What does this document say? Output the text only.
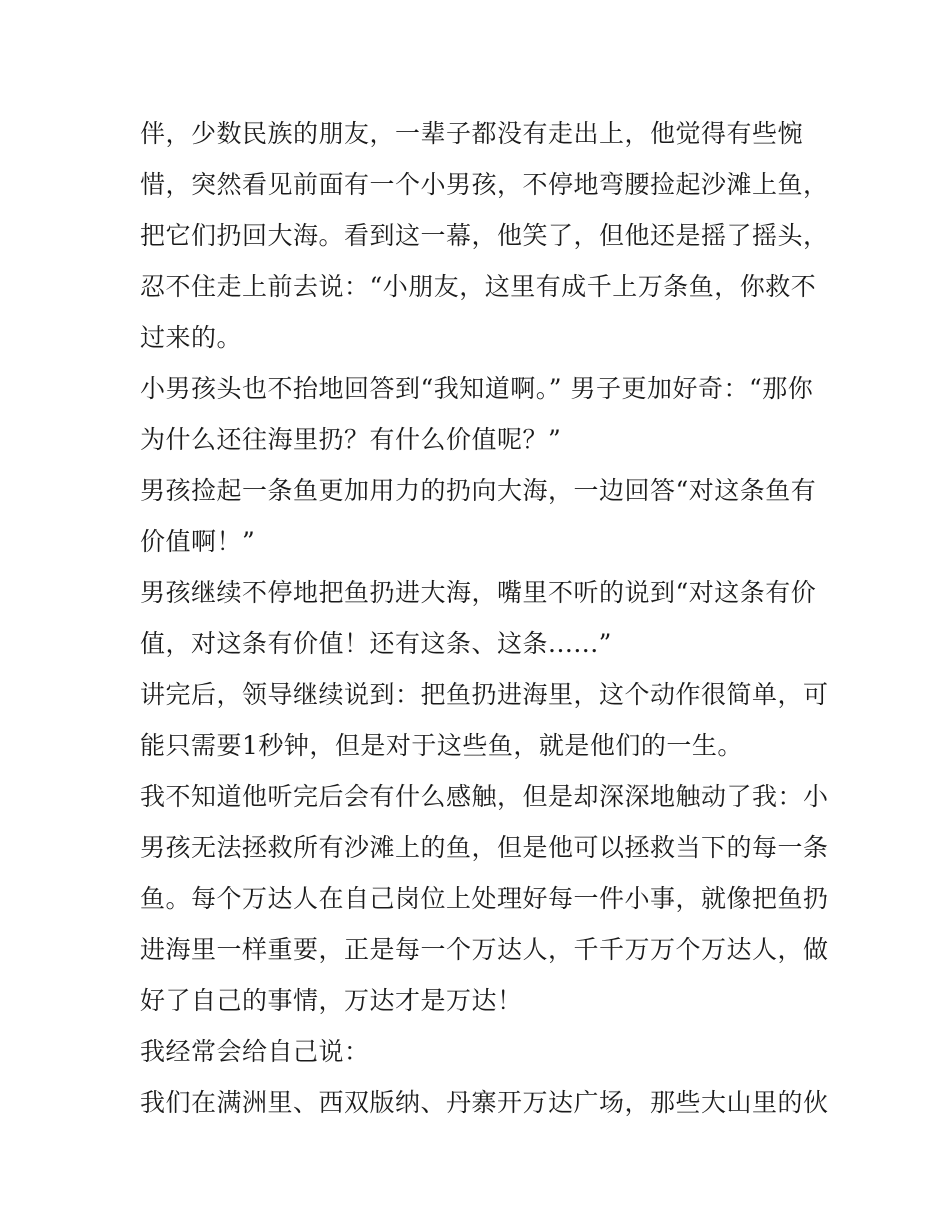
伴，少数民族的朋友，一辈子都没有走出上，他觉得有些惋
惜，突然看见前面有一个小男孩，不停地弯腰捡起沙滩上鱼，
把它们扔回大海。看到这一幕，他笑了，但他还是摇了摇头，
忍不住走上前去说：“小朋友，这里有成千上万条鱼，你救不
过来的。
小男孩头也不抬地回答到“我知道啊。” 男子更加好奇：“那你
为什么还往海里扔？有什么价值呢？”
男孩捡起一条鱼更加用力的扔向大海，一边回答“对这条鱼有
价值啊！”
男孩继续不停地把鱼扔进大海，嘴里不听的说到“对这条有价
值，对这条有价值！还有这条、这条......”
讲完后，领导继续说到：把鱼扔进海里，这个动作很简单，可
能只需要1秒钟，但是对于这些鱼，就是他们的一生。
我不知道他听完后会有什么感触，但是却深深地触动了我：小
男孩无法拯救所有沙滩上的鱼，但是他可以拯救当下的每一条
鱼。每个万达人在自己岗位上处理好每一件小事，就像把鱼扔
进海里一样重要，正是每一个万达人，千千万万个万达人，做
好了自己的事情，万达才是万达！
我经常会给自己说：
我们在满洲里、西双版纳、丹寨开万达广场，那些大山里的伙
